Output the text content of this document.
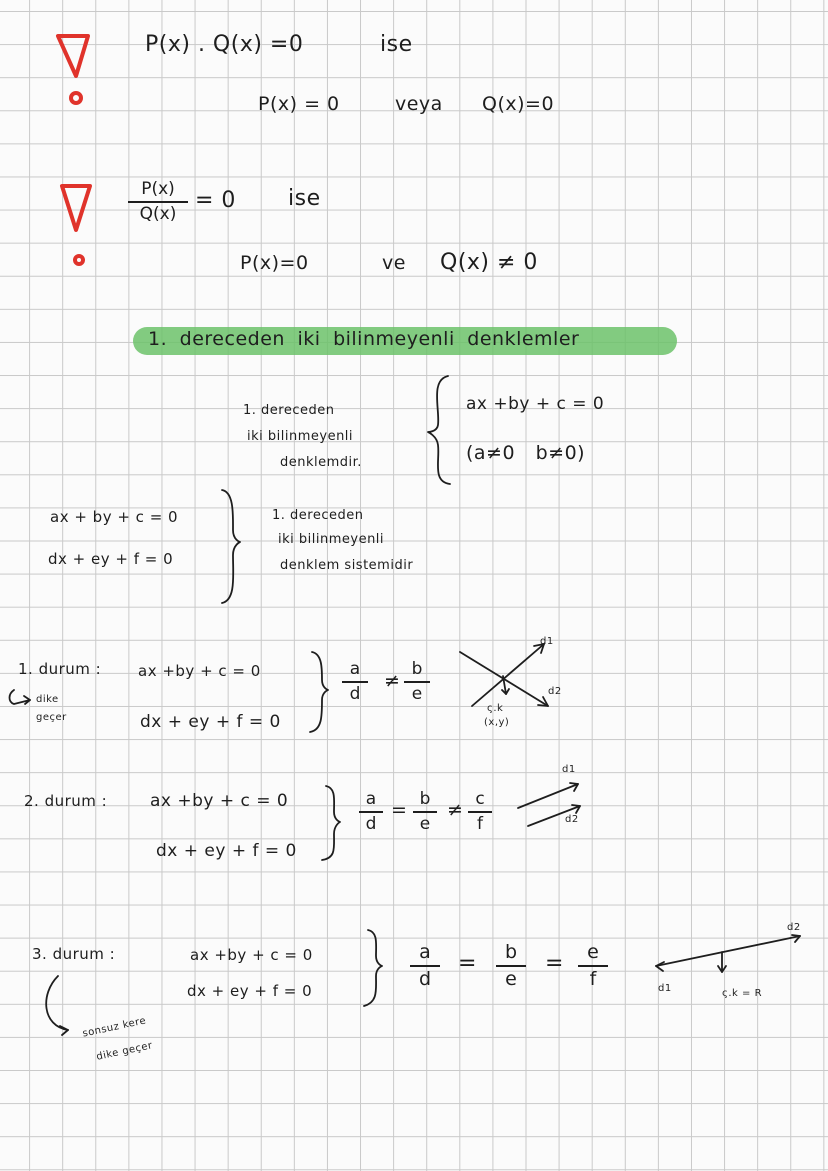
P(x) . Q(x) =0	ise
P(x) = 0	veya Q(x)=0
P(x)
Q(x)
= 0 ise
P(x)=0	ve Q(x) ≠ 0
1. dereceden iki bilinmeyenli denklemler
1. dereceden
iki bilinmeyenli
denklemdir.
ax +by + c = 0
(a≠0 b≠0)
ax + by + c = 0
dx + ey + f = 0
1. dereceden
iki bilinmeyenli
denklem sistemidir
1. durum :
dike
geçer
ax +by + c = 0
dx + ey + f = 0
a
d
≠
b
e
d1
d2
ς.k
(x,y)
2. durum :	ax +by + c = 0
dx + ey + f = 0
a
d
= b
e
≠ c
f
d1
d2
3. durum :	ax +by + c = 0
dx + ey + f = 0
a
d
=	b
e
=	e
f
d2
d1	ς.k = R
sonsuz kere
dike geçer
